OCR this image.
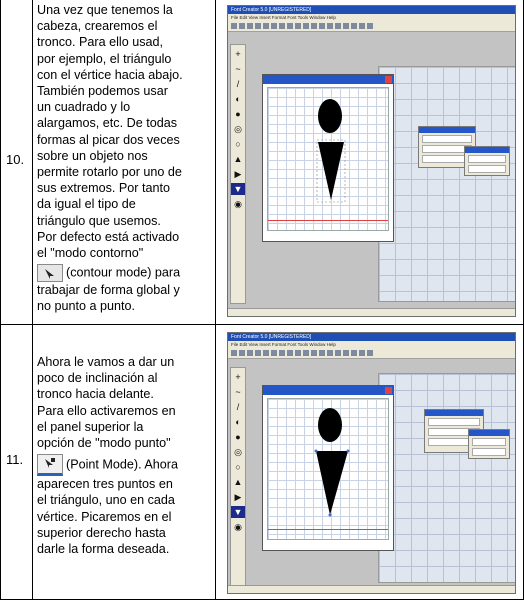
10.
Una vez que tenemos la
cabeza, crearemos el
tronco. Para ello usad,
por ejemplo, el triángulo
con el vértice hacia abajo.
También podemos usar
un cuadrado y lo
alargamos, etc. De todas
formas al picar dos veces
sobre un objeto nos
permite rotarlo por uno de
sus extremos. Por tanto
da igual el tipo de
triángulo que usemos.
Por defecto está activado
el "modo contorno"
(contour mode) para
trabajar de forma global y
no punto a punto.
Font Creator 5.0 [UNREGISTERED]
File Edit View Insert Format Font Tools Window Help
+
~
/
◐
●
◎
○
▲
▶
▼
◉
11.
Ahora le vamos a dar un
poco de inclinación al
tronco hacia delante.
Para ello activaremos en
el panel superior la
opción de "modo punto"
(Point Mode). Ahora
aparecen tres puntos en
el triángulo, uno en cada
vértice. Picaremos en el
superior derecho hasta
darle la forma deseada.
Font Creator 5.0 [UNREGISTERED]
File Edit View Insert Format Font Tools Window Help
+
~
/
◐
●
◎
○
▲
▶
▼
◉
